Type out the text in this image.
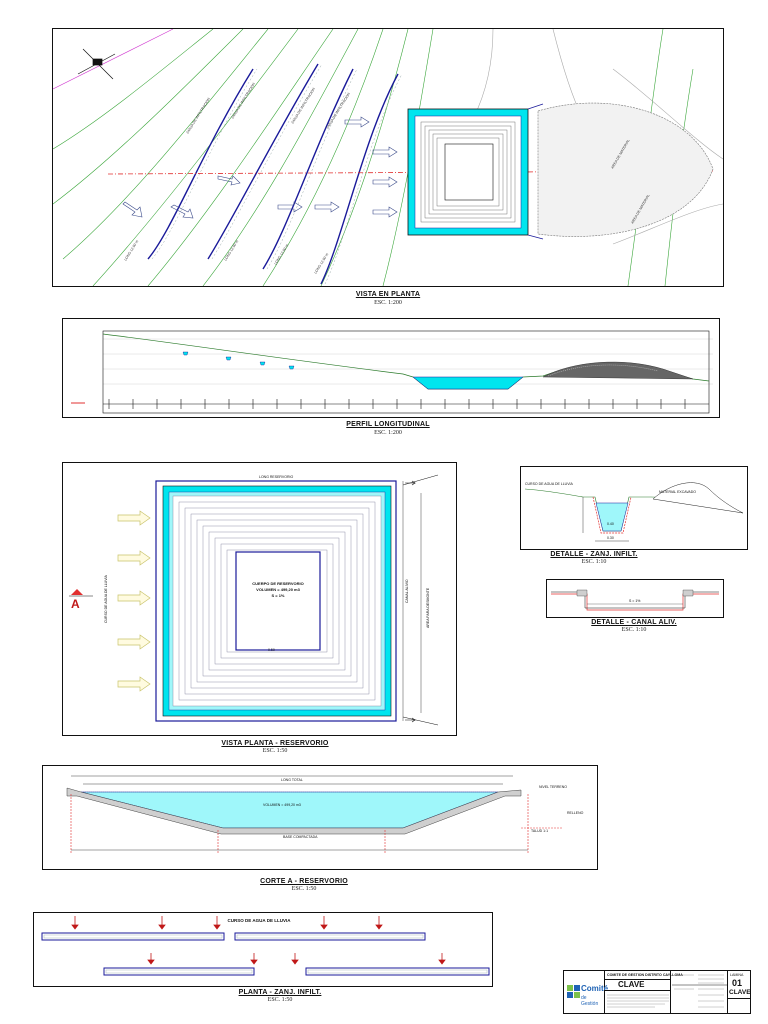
ZANJA DE INFILTRACION	ZANJA DE INFILTRACION	ZANJA DE INFILTRACION	ZANJA DE INFILTRACION
LONG 12.00 m	LONG 12.00 m	LONG 12.00 m	LONG 12.00 m
AREA DE MATERIAL
AREA DE MATERIAL
VISTA EN PLANTA
ESC. 1:200
PERFIL LONGITUDINAL
ESC. 1:200
CURSO DE AGUA DE LLUVIA	AREA PARA DESMONTE
CANAL ALIVIO
LONG RESERVORIO
0.50
A
CUERPO DE RESERVORIO
VOLUMEN = 499,20 m3
S = 1%
VISTA PLANTA - RESERVORIO
ESC. 1:50
CURSO DE AGUA DE LLUVIA
MATERIAL EXCAVADO
0.40
0.30
DETALLE - ZANJ. INFILT.
ESC. 1:10
S = 1%
DETALLE - CANAL ALIV.
ESC. 1:10
LONG TOTAL
VOLUMEN = 499,20 m3
BASE COMPACTADA
NIVEL TERRENO
RELLENO
TALUD 1:1
CORTE A - RESERVORIO
ESC. 1:50
CURSO DE AGUA DE LLUVIA
PLANTA - ZANJ. INFILT.
ESC. 1:50
Comité
de Gestión
COMITE DE GESTION DISTRITO CAYLLOMA
CLAVE
LAMINA
01
CLAVE
